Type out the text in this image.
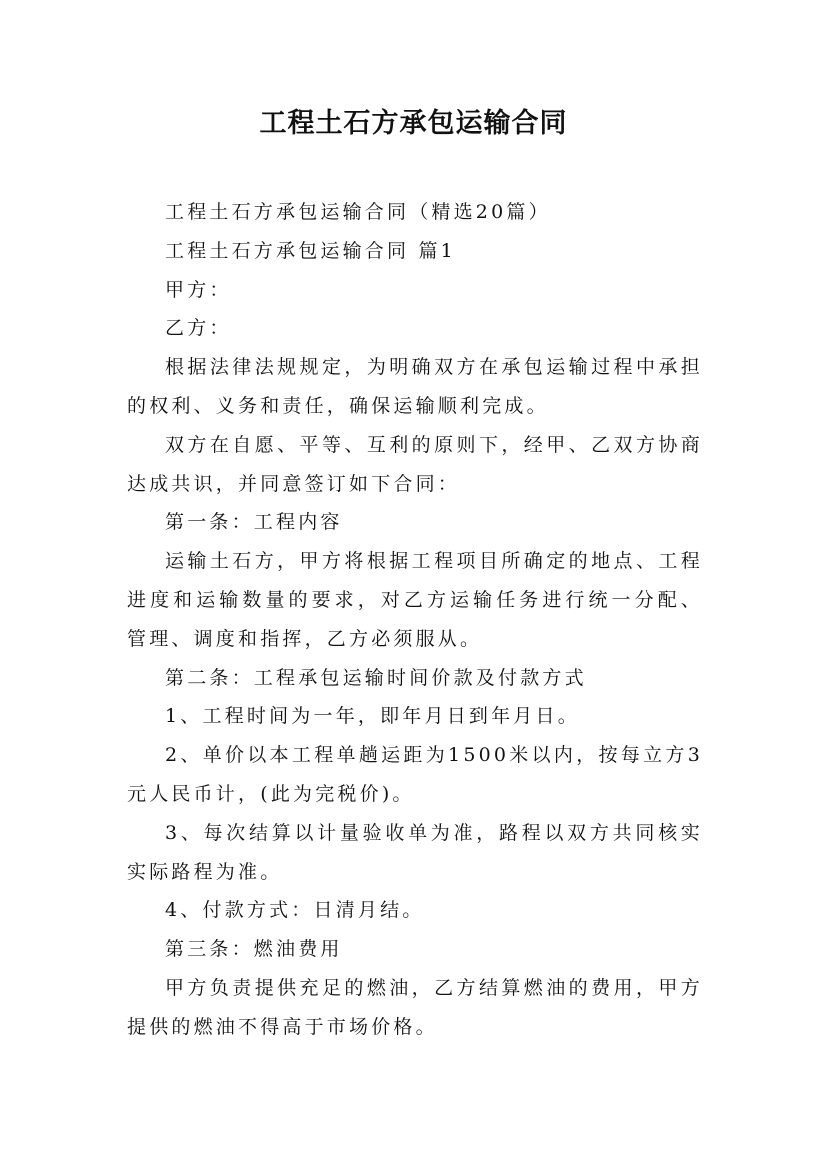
工程土石方承包运输合同

工程土石方承包运输合同（精选20篇）

工程土石方承包运输合同 篇1

甲方：

乙方：

根据法律法规规定，为明确双方在承包运输过程中承担的权利、义务和责任，确保运输顺利完成。

双方在自愿、平等、互利的原则下，经甲、乙双方协商达成共识，并同意签订如下合同：

第一条：工程内容

运输土石方，甲方将根据工程项目所确定的地点、工程进度和运输数量的要求，对乙方运输任务进行统一分配、管理、调度和指挥，乙方必须服从。

第二条：工程承包运输时间价款及付款方式

1、工程时间为一年，即年月日到年月日。

2、单价以本工程单趟运距为1500米以内，按每立方3元人民币计，(此为完税价)。

3、每次结算以计量验收单为准，路程以双方共同核实实际路程为准。

4、付款方式：日清月结。

第三条：燃油费用

甲方负责提供充足的燃油，乙方结算燃油的费用，甲方提供的燃油不得高于市场价格。
